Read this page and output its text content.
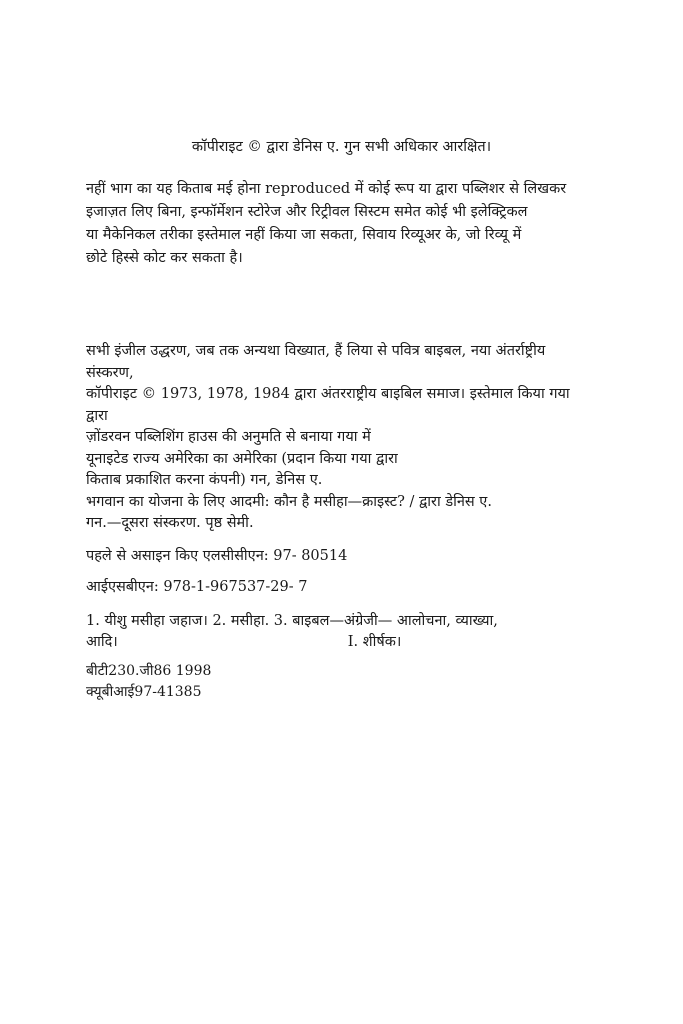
कॉपीराइट © द्वारा डेनिस ए. गुन सभी अधिकार आरक्षित।
नहीं भाग का यह किताब मई होना reproduced में कोई रूप या द्वारा पब्लिशर से लिखकर
इजाज़त लिए बिना, इन्फॉर्मेशन स्टोरेज और रिट्रीवल सिस्टम समेत कोई भी इलेक्ट्रिकल
या मैकेनिकल तरीका इस्तेमाल नहीं किया जा सकता, सिवाय रिव्यूअर के, जो रिव्यू में
छोटे हिस्से कोट कर सकता है।
सभी इंजील उद्धरण, जब तक अन्यथा विख्यात, हैं लिया से पवित्र बाइबल, नया अंतर्राष्ट्रीय
संस्करण,
कॉपीराइट © 1973, 1978, 1984 द्वारा अंतरराष्ट्रीय बाइबिल समाज। इस्तेमाल किया गया
द्वारा
ज़ोंडरवन पब्लिशिंग हाउस की अनुमति से बनाया गया में
यूनाइटेड राज्य अमेरिका का अमेरिका (प्रदान किया गया द्वारा
किताब प्रकाशित करना कंपनी) गन, डेनिस ए.
भगवान का योजना के लिए आदमी: कौन है मसीहा—क्राइस्ट? / द्वारा डेनिस ए.
गन.—दूसरा संस्करण. पृष्ठ सेमी.
पहले से असाइन किए एलसीसीएन: 97- 80514
आईएसबीएन: 978-1-967537-29- 7
1. यीशु मसीहा जहाज। 2. मसीहा. 3. बाइबल—अंग्रेजी— आलोचना, व्याख्या,
आदि।	I. शीर्षक।
बीटी230.जी86 1998
क्यूबीआई97-41385
